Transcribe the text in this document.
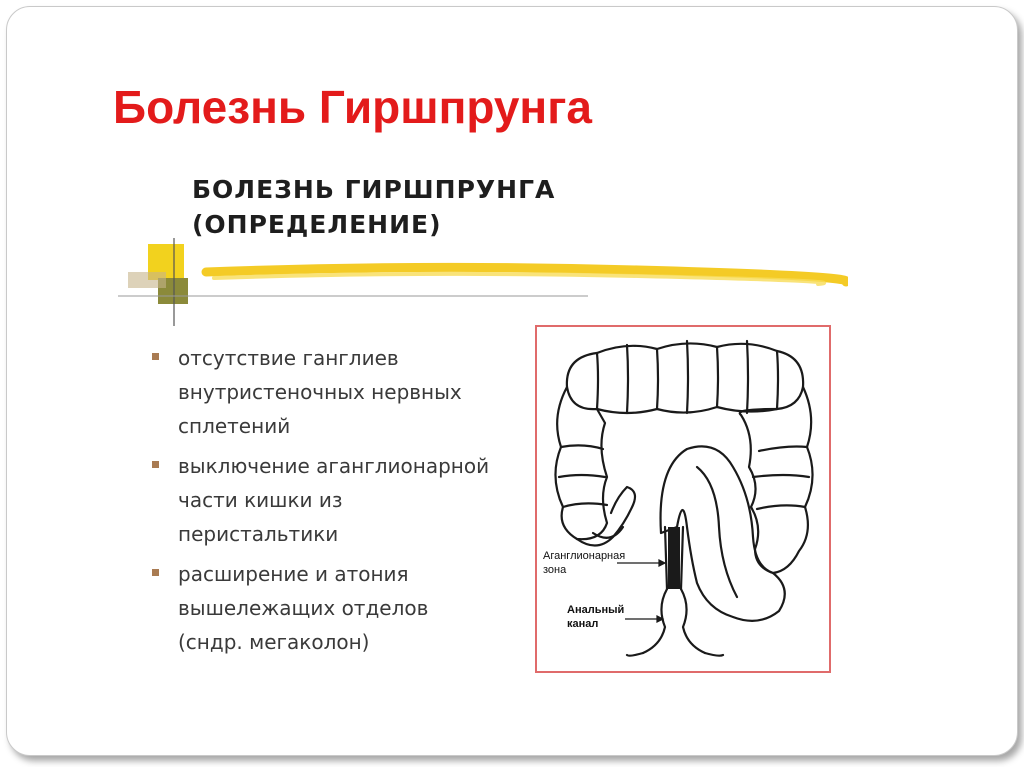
Болезнь Гиршпрунга
БОЛЕЗНЬ ГИРШПРУНГА
(ОПРЕДЕЛЕНИЕ)
отсутствие ганглиев
внутристеночных нервных
сплетений
выключение аганглионарной
части кишки из
перистальтики
расширение и атония
вышележащих отделов
(сндр. мегаколон)
Аганглионарная
зона
Анальный
канал
